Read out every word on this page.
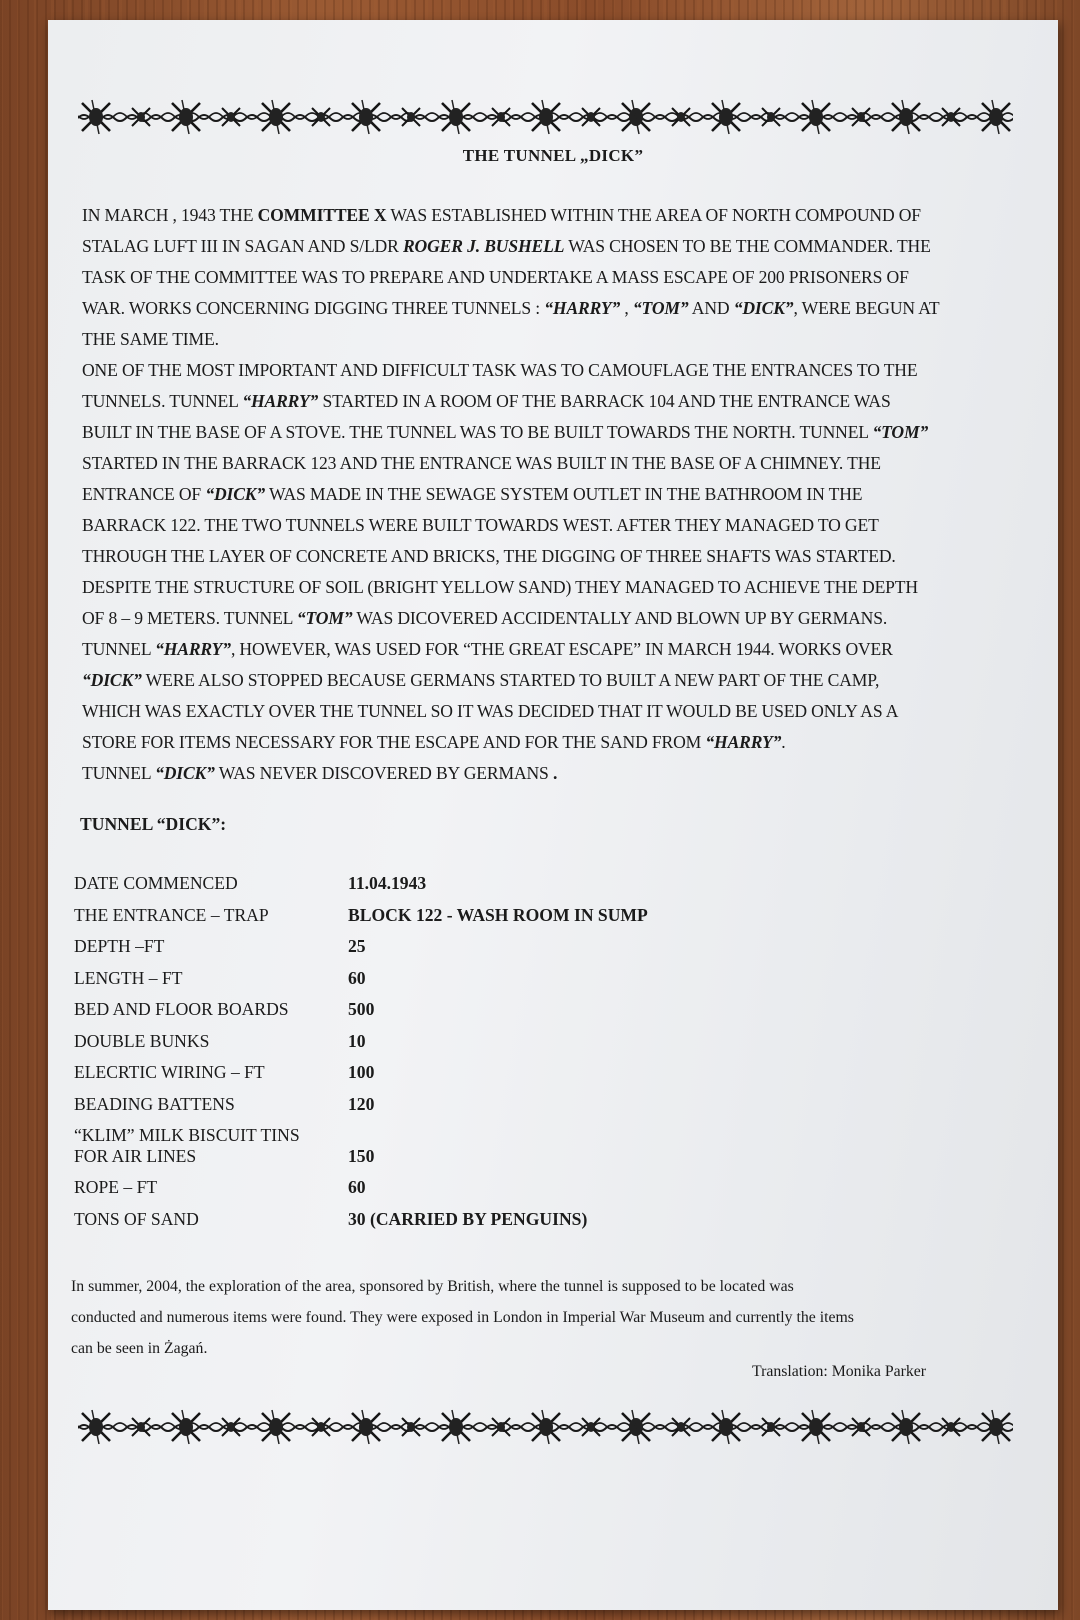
THE TUNNEL „DICK”

IN MARCH , 1943 THE COMMITTEE X WAS ESTABLISHED WITHIN THE AREA OF NORTH COMPOUND OF
STALAG LUFT III IN SAGAN AND S/LDR ROGER J. BUSHELL WAS CHOSEN TO BE THE COMMANDER. THE
TASK OF THE COMMITTEE WAS TO PREPARE AND UNDERTAKE A MASS ESCAPE OF 200 PRISONERS OF
WAR. WORKS CONCERNING DIGGING THREE TUNNELS : “HARRY” , “TOM” AND “DICK”, WERE BEGUN AT
THE SAME TIME.

ONE OF THE MOST IMPORTANT AND DIFFICULT TASK WAS TO CAMOUFLAGE THE ENTRANCES TO THE
TUNNELS. TUNNEL “HARRY” STARTED IN A ROOM OF THE BARRACK 104 AND THE ENTRANCE WAS
BUILT IN THE BASE OF A STOVE. THE TUNNEL WAS TO BE BUILT TOWARDS THE NORTH. TUNNEL “TOM”
STARTED IN THE BARRACK 123 AND THE ENTRANCE WAS BUILT IN THE BASE OF A CHIMNEY. THE
ENTRANCE OF “DICK” WAS MADE IN THE SEWAGE SYSTEM OUTLET IN THE BATHROOM IN THE
BARRACK 122. THE TWO TUNNELS WERE BUILT TOWARDS WEST. AFTER THEY MANAGED TO GET
THROUGH THE LAYER OF CONCRETE AND BRICKS, THE DIGGING OF THREE SHAFTS WAS STARTED.
DESPITE THE STRUCTURE OF SOIL (BRIGHT YELLOW SAND) THEY MANAGED TO ACHIEVE THE DEPTH
OF 8 – 9 METERS. TUNNEL “TOM” WAS DICOVERED ACCIDENTALLY AND BLOWN UP BY GERMANS.
TUNNEL “HARRY”, HOWEVER, WAS USED FOR “THE GREAT ESCAPE” IN MARCH 1944. WORKS OVER
“DICK” WERE ALSO STOPPED BECAUSE GERMANS STARTED TO BUILT A NEW PART OF THE CAMP,
WHICH WAS EXACTLY OVER THE TUNNEL SO IT WAS DECIDED THAT IT WOULD BE USED ONLY AS A
STORE FOR ITEMS NECESSARY FOR THE ESCAPE AND FOR THE SAND FROM “HARRY”.
TUNNEL “DICK” WAS NEVER DISCOVERED BY GERMANS .

TUNNEL “DICK”:
DATE COMMENCED	11.04.1943
THE ENTRANCE – TRAP	BLOCK 122 - WASH ROOM IN SUMP
DEPTH –FT	25
LENGTH – FT	60
BED AND FLOOR BOARDS	500
DOUBLE BUNKS	10
ELECRTIC WIRING – FT	100
BEADING BATTENS	120
“KLIM” MILK BISCUIT TINS
FOR AIR LINES	150
ROPE – FT	60
TONS OF SAND	30 (CARRIED BY PENGUINS)
In summer, 2004, the exploration of the area, sponsored by British, where the tunnel is supposed to be located was
conducted and numerous items were found. They were exposed in London in Imperial War Museum and currently the items
can be seen in Żagań.
Translation: Monika Parker
